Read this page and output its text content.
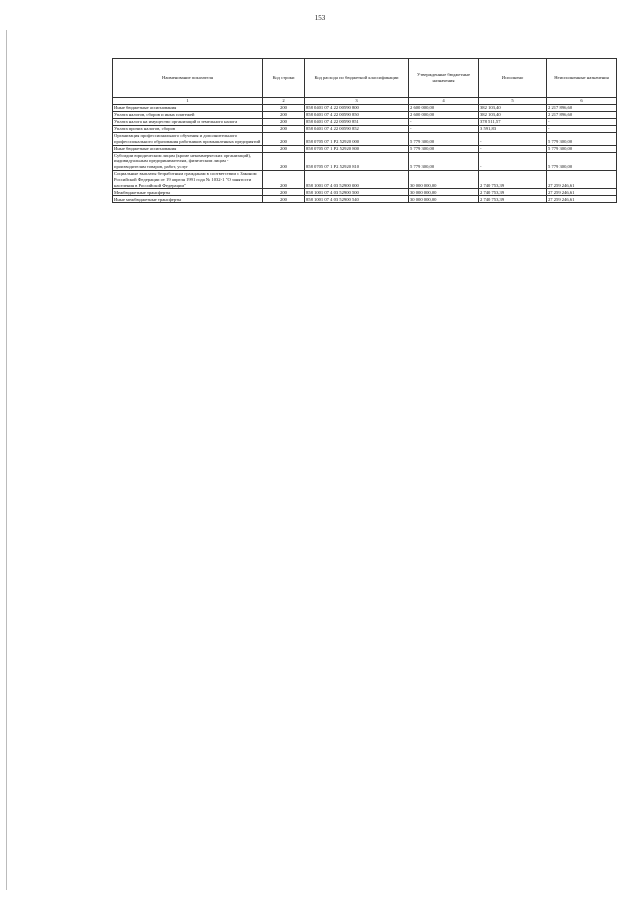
153
Наименование показателя	Код строки	Код расхода по бюджетной классификации	Утвержденные бюджетные назначения	Исполнено	Неисполненные назначения
1	2	3	4	5	6
Иные бюджетные ассигнования	200	858 0401 07 4 22 00590 800	2 600 000,00	382 103,40	2 217 896,60
Уплата налогов, сборов и иных платежей	200	858 0401 07 4 22 00590 850	2 600 000,00	382 103,40	2 217 896,60
Уплата налога на имущество организаций и земельного налога	200	858 0401 07 4 22 00590 851	-	378 511,57	-
Уплата прочих налогов, сборов	200	858 0401 07 4 22 00590 852	-	3 591,83	-
Организация профессионального обучения и дополнительного профессионального образования работников промышленных предприятий	200	858 0705 07 1 Р2 52920 000	5 779 300,00	-	5 779 300,00
Иные бюджетные ассигнования	200	858 0705 07 1 Р2 52920 800	5 779 300,00	-	5 779 300,00
Субсидии юридическим лицам (кроме некоммерческих организаций), индивидуальным предпринимателям, физическим лицам - производителям товаров, работ, услуг	200	858 0705 07 1 Р2 52920 810	5 779 300,00	-	5 779 300,00
Социальные выплаты безработным гражданам в соответствии с Законом Российской Федерации от 19 апреля 1991 года № 1032-1 "О занятости населения в Российской Федерации"	200	858 1001 07 4 03 52900 000	30 000 000,00	2 740 753,39	27 259 246,61
Межбюджетные трансферты	200	858 1001 07 4 03 52900 500	30 000 000,00	2 740 753,39	27 259 246,61
Иные межбюджетные трансферты	200	858 1001 07 4 03 52900 540	30 000 000,00	2 740 753,39	27 259 246,61
